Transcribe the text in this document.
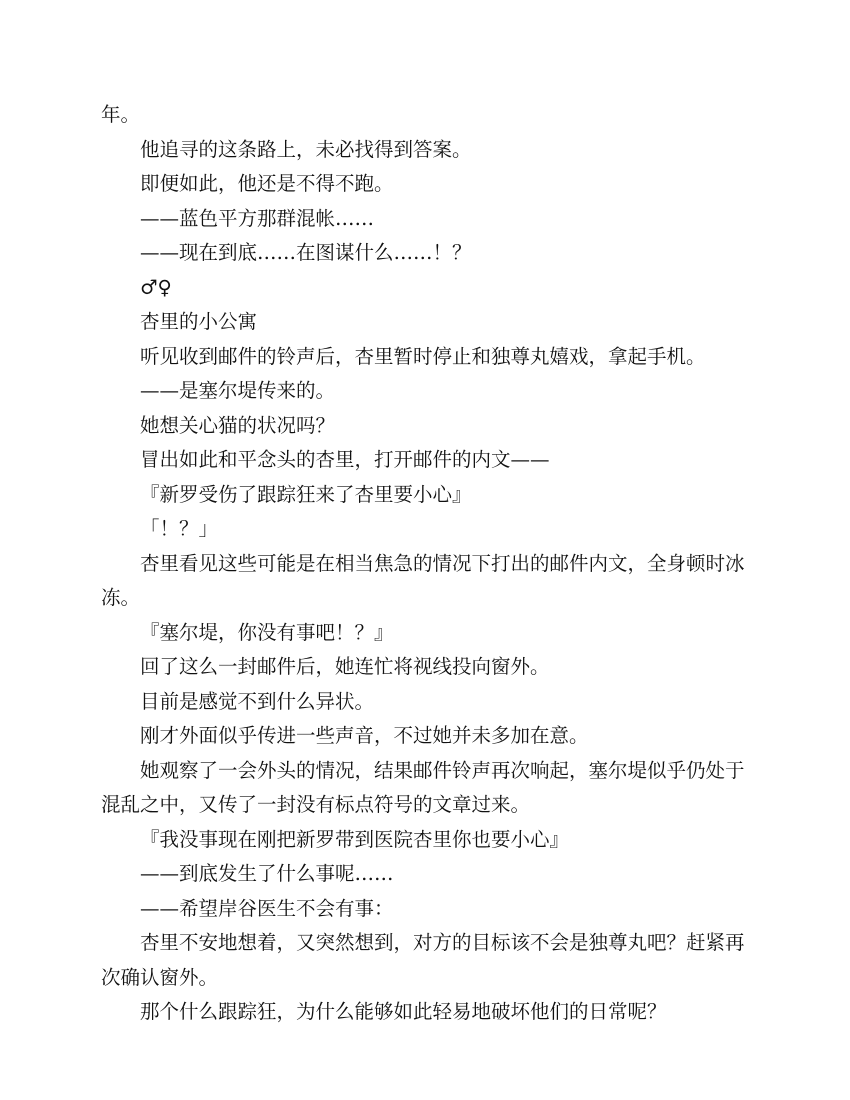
年。

他追寻的这条路上，未必找得到答案。

即便如此，他还是不得不跑。

——蓝色平方那群混帐……

——现在到底……在图谋什么……！？

♂♀

杏里的小公寓

听见收到邮件的铃声后，杏里暂时停止和独尊丸嬉戏，拿起手机。

——是塞尔堤传来的。

她想关心猫的状况吗？

冒出如此和平念头的杏里，打开邮件的内文——

『新罗受伤了跟踪狂来了杏里要小心』

「！？」

杏里看见这些可能是在相当焦急的情况下打出的邮件内文，全身顿时冰冻。

『塞尔堤，你没有事吧！？』

回了这么一封邮件后，她连忙将视线投向窗外。

目前是感觉不到什么异状。

刚才外面似乎传进一些声音，不过她并未多加在意。

她观察了一会外头的情况，结果邮件铃声再次响起，塞尔堤似乎仍处于混乱之中，又传了一封没有标点符号的文章过来。

『我没事现在刚把新罗带到医院杏里你也要小心』

——到底发生了什么事呢……

——希望岸谷医生不会有事：

杏里不安地想着，又突然想到，对方的目标该不会是独尊丸吧？赶紧再次确认窗外。

那个什么跟踪狂，为什么能够如此轻易地破坏他们的日常呢？
